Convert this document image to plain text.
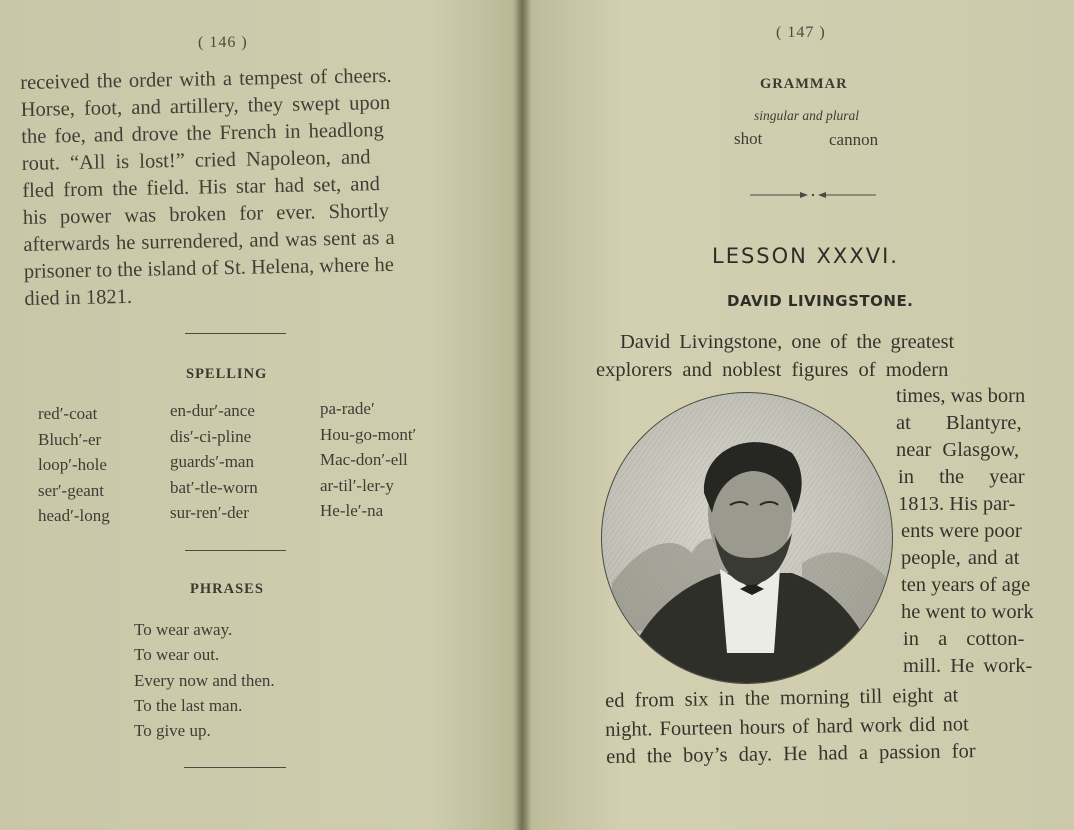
( 146 )
received the order with a tempest of cheers.
Horse, foot, and artillery, they swept upon
the foe, and drove the French in headlong
rout. “All is lost!” cried Napoleon, and
fled from the field. His star had set, and
his power was broken for ever. Shortly
afterwards he surrendered, and was sent as a
prisoner to the island of St. Helena, where he
died in 1821.
SPELLING
red′-coat
Bluch′-er
loop′-hole
ser′-geant
head′-long
en-dur′-ance
dis′-ci-pline
guards′-man
bat′-tle-worn
sur-ren′-der
pa-rade′
Hou-go-mont′
Mac-don′-ell
ar-til′-ler-y
He-le′-na
PHRASES
To wear away.
To wear out.
Every now and then.
To the last man.
To give up.
( 147 )
GRAMMAR
singular and plural
shot	cannon
LESSON XXXVI.
DAVID LIVINGSTONE.
David Livingstone, one of the greatest
explorers and noblest figures of modern
times, was born
at Blantyre,
near Glasgow,
in the year
1813. His par-
ents were poor
people, and at
ten years of age
he went to work
in a cotton-
mill. He work-
ed from six in the morning till eight at
night. Fourteen hours of hard work did not
end the boy’s day. He had a passion for
